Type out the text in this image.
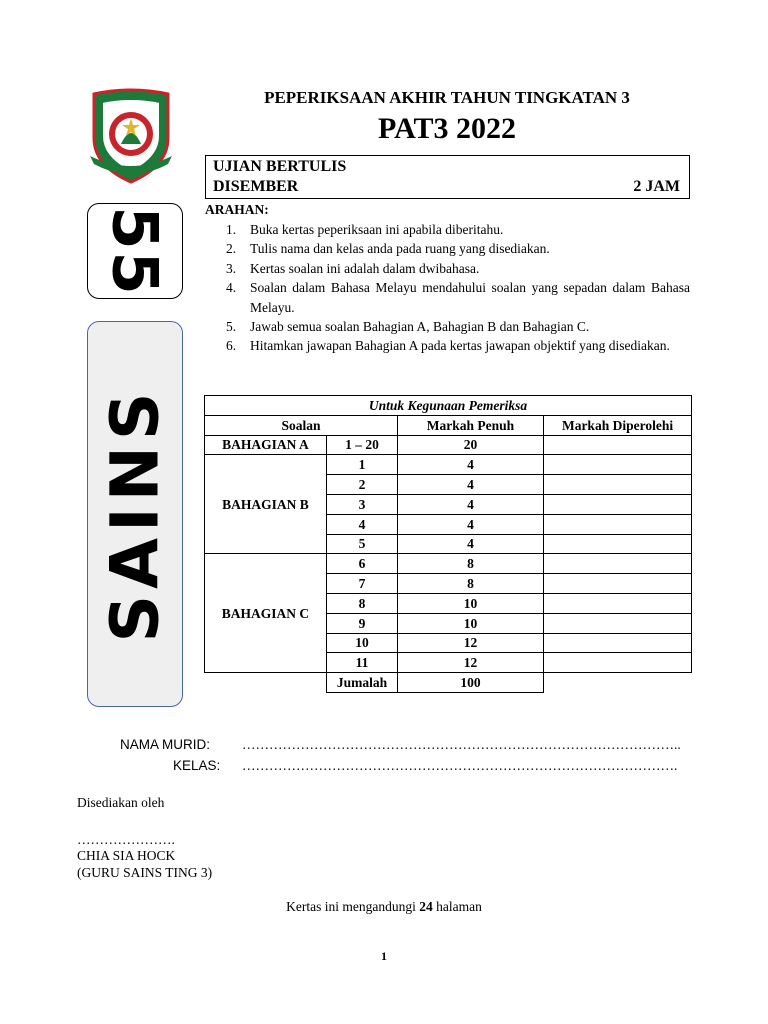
PEPERIKSAAN AKHIR TAHUN TINGKATAN 3
PAT3 2022
UJIAN BERTULIS
DISEMBER	2 JAM
55
SAINS
ARAHAN:
1.	Buka kertas peperiksaan ini apabila diberitahu.
2.	Tulis nama dan kelas anda pada ruang yang disediakan.
3.	Kertas soalan ini adalah dalam dwibahasa.
4.	Soalan dalam Bahasa Melayu mendahului soalan yang sepadan dalam Bahasa Melayu.
5.	Jawab semua soalan Bahagian A, Bahagian B dan Bahagian C.
6.	Hitamkan jawapan Bahagian A pada kertas jawapan objektif yang disediakan.
Untuk Kegunaan Pemeriksa			
Soalan		Markah Penuh	Markah Diperolehi
BAHAGIAN A	1 – 20	20	
BAHAGIAN B	1	4	
	2	4	
	3	4	
	4	4	
	5	4	
BAHAGIAN C	6	8	
	7	8	
	8	10	
	9	10	
	10	12	
	11	12	
	Jumalah	100	
NAMA MURID: ……………………………………………………………………………………..
KELAS: …………………………………………………………………………………….
Disediakan oleh
………………….
CHIA SIA HOCK
(GURU SAINS TING 3)
Kertas ini mengandungi 24 halaman
1
